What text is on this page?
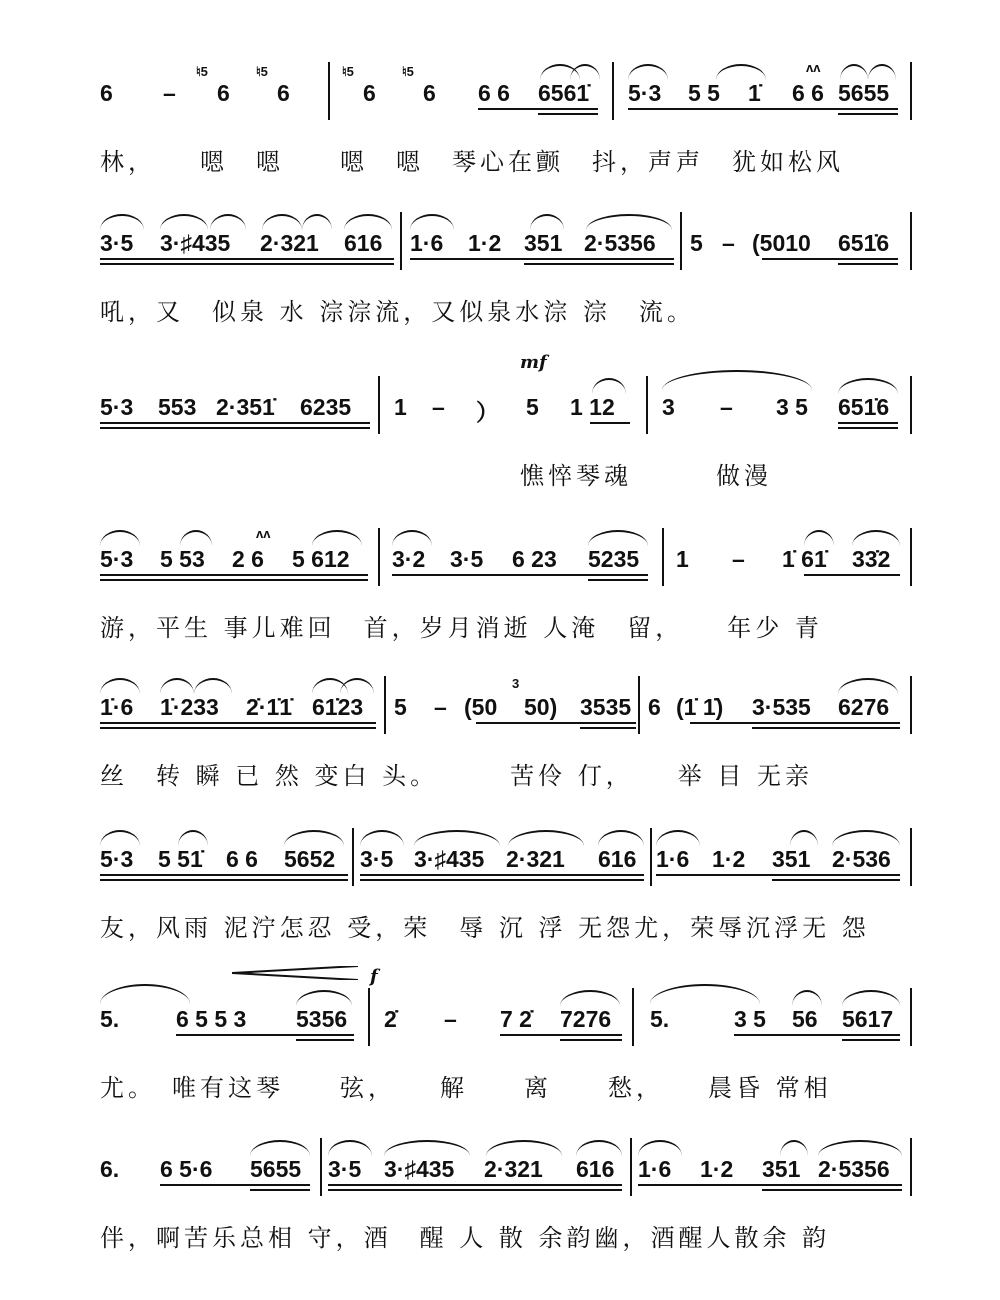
6 –
♮5
6
♮5
6
♮5
6
♮5
6 6 6 6561̇ 5·3 5 5 1̇
ʌʌ
6 6 5655
林，　　嗯　嗯　　嗯　嗯　琴心在颤　抖，声声　犹如松风
3·5 3·♯435 2·321 616 1·6 1·2 351 2·5356 5 – (5010 651̇6
吼，又　似泉 水 淙淙流，又似泉水淙 淙　流。
5·3 553 2·351̇ 6235 1 – ）
mf
5 1 12 3 – 3 5 651̇6
　　　　　　　　　　　　　　　憔悴琴魂　　　做漫
5·3 5 53
ʌʌ
2 6 5 612 3·2 3·5 6 23 5235 1 – 1̇ 61̇ 33̇2
游，平生 事儿难回　首，岁月消逝 人淹　留，　　年少 青
1̇·6 1̇·233 2̇·1̇1̇ 61̇23 5 – (50
3
50) 3535 6 (1̇ 1̇) 3·535 6276
丝　转 瞬 已 然 变白 头。　　　苦伶 仃，　　举 目 无亲
5·3 5 51̇ 6 6 5652 3·5 3·♯435 2·321 616 1·6 1·2 351 2·536
友，风雨 泥泞怎忍 受，荣　辱 沉 浮 无怨尤，荣辱沉浮无 怨
f
5. 6 5 5 3 5356 2̇ – 7 2̇ 7276 5.	3 5 56 5617
尤。　唯有这琴　　弦，　　解　　离　　愁，　　晨昏 常相
6. 6 5·6 5655 3·5 3·♯435 2·321 616 1·6 1·2 351 2·5356
伴，啊苦乐总相 守，酒　醒 人 散 余韵幽，酒醒人散余 韵
